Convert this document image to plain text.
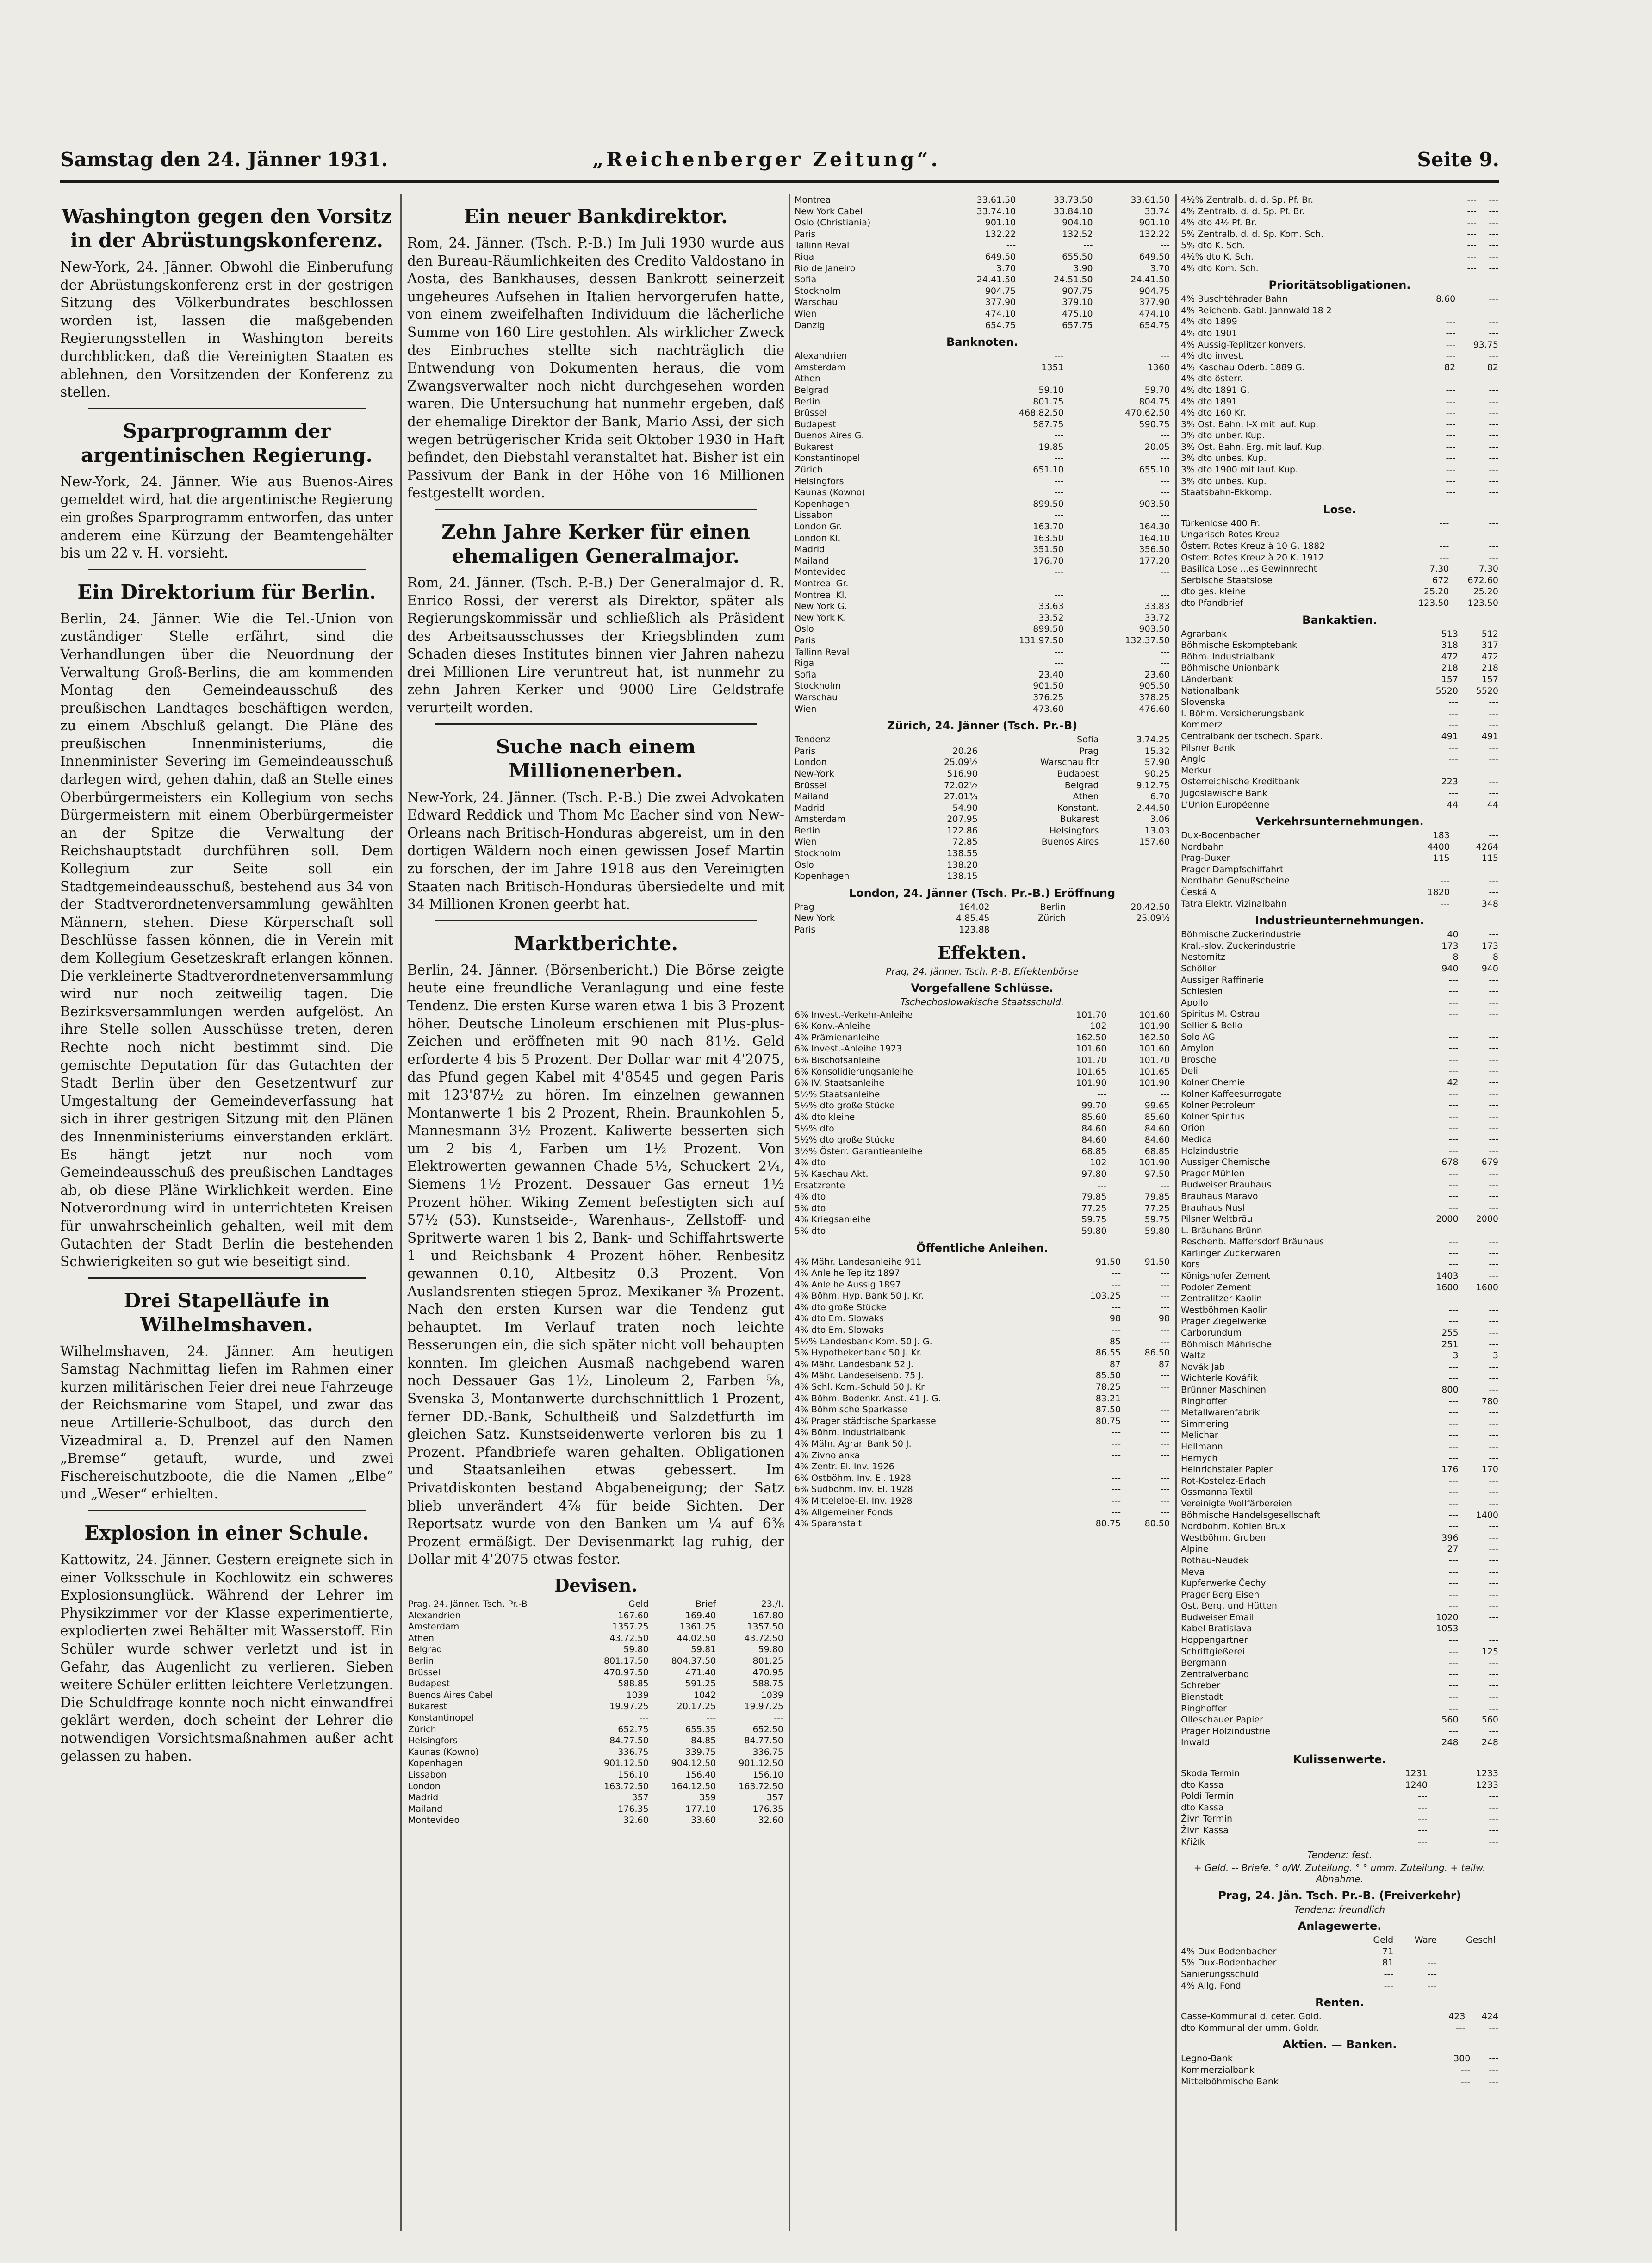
Samstag den 24. Jänner 1931.	„Reichenberger Zeitung“.	Seite 9.
Washington gegen den Vorsitz in der Abrüstungskonferenz.

New-York, 24. Jänner. Obwohl die Einberufung der Abrüstungskonferenz erst in der gestrigen Sitzung des Völkerbundrates beschlossen worden ist, lassen die maßgebenden Regierungsstellen in Washington bereits durchblicken, daß die Vereinigten Staaten es ablehnen, den Vorsitzenden der Konferenz zu stellen.

Sparprogramm der argentinischen Regierung.

New-York, 24. Jänner. Wie aus Buenos-Aires gemeldet wird, hat die argentinische Regierung ein großes Sparprogramm entworfen, das unter anderem eine Kürzung der Beamtengehälter bis um 22 v. H. vorsieht.

Ein Direktorium für Berlin.

Berlin, 24. Jänner. Wie die Tel.-Union von zuständiger Stelle erfährt, sind die Verhandlungen über die Neuordnung der Verwaltung Groß-Berlins, die am kommenden Montag den Gemeindeausschuß des preußischen Landtages beschäftigen werden, zu einem Abschluß gelangt. Die Pläne des preußischen Innenministeriums, die Innenminister Severing im Gemeindeausschuß darlegen wird, gehen dahin, daß an Stelle eines Oberbürgermeisters ein Kollegium von sechs Bürgermeistern mit einem Oberbürgermeister an der Spitze die Verwaltung der Reichshauptstadt durchführen soll. Dem Kollegium zur Seite soll ein Stadtgemeindeausschuß, bestehend aus 34 von der Stadtverordnetenversammlung gewählten Männern, stehen. Diese Körperschaft soll Beschlüsse fassen können, die in Verein mit dem Kollegium Gesetzeskraft erlangen können. Die verkleinerte Stadtverordnetenversammlung wird nur noch zeitweilig tagen. Die Bezirksversammlungen werden aufgelöst. An ihre Stelle sollen Ausschüsse treten, deren Rechte noch nicht bestimmt sind. Die gemischte Deputation für das Gutachten der Stadt Berlin über den Gesetzentwurf zur Umgestaltung der Gemeindeverfassung hat sich in ihrer gestrigen Sitzung mit den Plänen des Innenministeriums einverstanden erklärt. Es hängt jetzt nur noch vom Gemeindeausschuß des preußischen Landtages ab, ob diese Pläne Wirklichkeit werden. Eine Notverordnung wird in unterrichteten Kreisen für unwahrscheinlich gehalten, weil mit dem Gutachten der Stadt Berlin die bestehenden Schwierigkeiten so gut wie beseitigt sind.

Drei Stapelläufe in Wilhelmshaven.

Wilhelmshaven, 24. Jänner. Am heutigen Samstag Nachmittag liefen im Rahmen einer kurzen militärischen Feier drei neue Fahrzeuge der Reichsmarine vom Stapel, und zwar das neue Artillerie-Schulboot, das durch den Vizeadmiral a. D. Prenzel auf den Namen „Bremse“ getauft, wurde, und zwei Fischereischutzboote, die die Namen „Elbe“ und „Weser“ erhielten.

Explosion in einer Schule.

Kattowitz, 24. Jänner. Gestern ereignete sich in einer Volksschule in Kochlowitz ein schweres Explosionsunglück. Während der Lehrer im Physikzimmer vor der Klasse experimentierte, explodierten zwei Behälter mit Wasserstoff. Ein Schüler wurde schwer verletzt und ist in Gefahr, das Augenlicht zu verlieren. Sieben weitere Schüler erlitten leichtere Verletzungen. Die Schuldfrage konnte noch nicht einwandfrei geklärt werden, doch scheint der Lehrer die notwendigen Vorsichtsmaßnahmen außer acht gelassen zu haben.

Ein neuer Bankdirektor.

Rom, 24. Jänner. (Tsch. P.-B.) Im Juli 1930 wurde aus den Bureau-Räumlichkeiten des Credito Valdostano in Aosta, des Bankhauses, dessen Bankrott seinerzeit ungeheures Aufsehen in Italien hervorgerufen hatte, von einem zweifelhaften Individuum die lächerliche Summe von 160 Lire gestohlen. Als wirklicher Zweck des Einbruches stellte sich nachträglich die Entwendung von Dokumenten heraus, die vom Zwangsverwalter noch nicht durchgesehen worden waren. Die Untersuchung hat nunmehr ergeben, daß der ehemalige Direktor der Bank, Mario Assi, der sich wegen betrügerischer Krida seit Oktober 1930 in Haft befindet, den Diebstahl veranstaltet hat. Bisher ist ein Passivum der Bank in der Höhe von 16 Millionen festgestellt worden.

Zehn Jahre Kerker für einen ehemaligen Generalmajor.

Rom, 24. Jänner. (Tsch. P.-B.) Der Generalmajor d. R. Enrico Rossi, der vererst als Direktor, später als Regierungskommissär und schließlich als Präsident des Arbeitsausschusses der Kriegsblinden zum Schaden dieses Institutes binnen vier Jahren nahezu drei Millionen Lire veruntreut hat, ist nunmehr zu zehn Jahren Kerker und 9000 Lire Geldstrafe verurteilt worden.

Suche nach einem Millionenerben.

New-York, 24. Jänner. (Tsch. P.-B.) Die zwei Advokaten Edward Reddick und Thom Mc Eacher sind von New-Orleans nach Britisch-Honduras abgereist, um in den dortigen Wäldern noch einen gewissen Josef Martin zu forschen, der im Jahre 1918 aus den Vereinigten Staaten nach Britisch-Honduras übersiedelte und mit 34 Millionen Kronen geerbt hat.

Marktberichte.

Berlin, 24. Jänner. (Börsenbericht.) Die Börse zeigte heute eine freundliche Veranlagung und eine feste Tendenz. Die ersten Kurse waren etwa 1 bis 3 Prozent höher. Deutsche Linoleum erschienen mit Plus-plus-Zeichen und eröffneten mit 90 nach 81½. Geld erforderte 4 bis 5 Prozent. Der Dollar war mit 4'2075, das Pfund gegen Kabel mit 4'8545 und gegen Paris mit 123'87½ zu hören. Im einzelnen gewannen Montanwerte 1 bis 2 Prozent, Rhein. Braunkohlen 5, Mannesmann 3½ Prozent. Kaliwerte besserten sich um 2 bis 4, Farben um 1½ Prozent. Von Elektrowerten gewannen Chade 5½, Schuckert 2¼, Siemens 1½ Prozent. Dessauer Gas erneut 1½ Prozent höher. Wiking Zement befestigten sich auf 57½ (53). Kunstseide-, Warenhaus-, Zellstoff- und Spritwerte waren 1 bis 2, Bank- und Schiffahrtswerte 1 und Reichsbank 4 Prozent höher. Renbesitz gewannen 0.10, Altbesitz 0.3 Prozent. Von Auslandsrenten stiegen 5proz. Mexikaner ⅜ Prozent. Nach den ersten Kursen war die Tendenz gut behauptet. Im Verlauf traten noch leichte Besserungen ein, die sich später nicht voll behaupten konnten. Im gleichen Ausmaß nachgebend waren noch Dessauer Gas 1½, Linoleum 2, Farben ⅝, Svenska 3, Montanwerte durchschnittlich 1 Prozent, ferner DD.-Bank, Schultheiß und Salzdetfurth im gleichen Satz. Kunstseidenwerte verloren bis zu 1 Prozent. Pfandbriefe waren gehalten. Obligationen und Staatsanleihen etwas gebessert. Im Privatdiskonten bestand Abgabeneigung; der Satz blieb unverändert 4⅞ für beide Sichten. Der Reportsatz wurde von den Banken um ¼ auf 6⅜ Prozent ermäßigt. Der Devisenmarkt lag ruhig, der Dollar mit 4'2075 etwas fester.

Devisen.
Prag, 24. Jänner. Tsch. Pr.-B	Geld	Brief	23./I.
Alexandrien	167.60	169.40	167.80
Amsterdam	1357.25	1361.25	1357.50
Athen	43.72.50	44.02.50	43.72.50
Belgrad	59.80	59.81	59.80
Berlin	801.17.50	804.37.50	801.25
Brüssel	470.97.50	471.40	470.95
Budapest	588.85	591.25	588.75
Buenos Aires Cabel	1039	1042	1039
Bukarest	19.97.25	20.17.25	19.97.25
Konstantinopel	---	---	---
Zürich	652.75	655.35	652.50
Helsingfors	84.77.50	84.85	84.77.50
Kaunas (Kowno)	336.75	339.75	336.75
Kopenhagen	901.12.50	904.12.50	901.12.50
Lissabon	156.10	156.40	156.10
London	163.72.50	164.12.50	163.72.50
Madrid	357	359	357
Mailand	176.35	177.10	176.35
Montevideo	32.60	33.60	32.60
Montreal	33.61.50	33.73.50	33.61.50
New York Cabel	33.74.10	33.84.10	33.74
Oslo (Christiania)	901.10	904.10	901.10
Paris	132.22	132.52	132.22
Tallinn Reval	---	---	---
Riga	649.50	655.50	649.50
Rio de Janeiro	3.70	3.90	3.70
Sofia	24.41.50	24.51.50	24.41.50
Stockholm	904.75	907.75	904.75
Warschau	377.90	379.10	377.90
Wien	474.10	475.10	474.10
Danzig	654.75	657.75	654.75
Banknoten.
Alexandrien	---	---
Amsterdam	1351	1360
Athen	---	---
Belgrad	59.10	59.70
Berlin	801.75	804.75
Brüssel	468.82.50	470.62.50
Budapest	587.75	590.75
Buenos Aires G.	---	---
Bukarest	19.85	20.05
Konstantinopel	---	---
Zürich	651.10	655.10
Helsingfors	---	---
Kaunas (Kowno)	---	---
Kopenhagen	899.50	903.50
Lissabon	---	---
London Gr.	163.70	164.30
London Kl.	163.50	164.10
Madrid	351.50	356.50
Mailand	176.70	177.20
Montevideo	---	---
Montreal Gr.	---	---
Montreal Kl.	---	---
New York G.	33.63	33.83
New York K.	33.52	33.72
Oslo	899.50	903.50
Paris	131.97.50	132.37.50
Tallinn Reval	---	---
Riga	---	---
Sofia	23.40	23.60
Stockholm	901.50	905.50
Warschau	376.25	378.25
Wien	473.60	476.60
Zürich, 24. Jänner (Tsch. Pr.-B)
Tendenz	---	Sofia	3.74.25
Paris	20.26	Prag	15.32
London	25.09½	Warschau fltr	57.90
New-York	516.90	Budapest	90.25
Brüssel	72.02½	Belgrad	9.12.75
Mailand	27.01¾	Athen	6.70
Madrid	54.90	Konstant.	2.44.50
Amsterdam	207.95	Bukarest	3.06
Berlin	122.86	Helsingfors	13.03
Wien	72.85	Buenos Aires	157.60
Stockholm	138.55		
Oslo	138.20		
Kopenhagen	138.15		
London, 24. Jänner (Tsch. Pr.-B.) Eröffnung
Prag	164.02	Berlin	20.42.50
New York	4.85.45	Zürich	25.09½
Paris	123.88		
Effekten.
Prag, 24. Jänner. Tsch. P.-B. Effektenbörse
Vorgefallene Schlüsse.
Tschechoslowakische Staatsschuld.
6% Invest.-Verkehr-Anleihe	101.70	101.60
6% Konv.-Anleihe	102	101.90
4% Prämienanleihe	162.50	162.50
6% Invest.-Anleihe 1923	101.60	101.60
6% Bischofsanleihe	101.70	101.70
6% Konsolidierungsanleihe	101.65	101.65
6% IV. Staatsanleihe	101.90	101.90
5½% Staatsanleihe	---	---
5½% dto große Stücke	99.70	99.65
4% dto kleine	85.60	85.60
5½% dto	84.60	84.60
5½% dto große Stücke	84.60	84.60
3½% Österr. Garantieanleihe	68.85	68.85
4% dto	102	101.90
5% Kaschau Akt.	97.80	97.50
Ersatzrente	---	---
4% dto	79.85	79.85
5% dto	77.25	77.25
4% Kriegsanleihe	59.75	59.75
5% dto	59.80	59.80
Öffentliche Anleihen.
4% Mähr. Landesanleihe 911	91.50	91.50
4% Anleihe Teplitz 1897	---	---
4% Anleihe Aussig 1897	---	---
4% Böhm. Hyp. Bank 50 J. Kr.	103.25	---
4% dto große Stücke	---	---
4% dto Em. Slowaks	98	98
4% dto Em. Slowaks	---	---
5½% Landesbank Kom. 50 J. G.	85	---
5% Hypothekenbank 50 J. Kr.	86.55	86.50
4% Mähr. Landesbank 52 J.	87	87
4% Mähr. Landeseisenb. 75 J.	85.50	---
4% Schl. Kom.-Schuld 50 J. Kr.	78.25	---
4% Böhm. Bodenkr.-Anst. 41 J. G.	83.21	---
4% Böhmische Sparkasse	87.50	---
4% Prager städtische Sparkasse	80.75	---
4% Böhm. Industrialbank	---	---
4% Mähr. Agrar. Bank 50 J.	---	---
4% Zivno anka	---	---
4% Zentr. El. Inv. 1926	---	---
6% Ostböhm. Inv. El. 1928	---	---
6% Südböhm. Inv. El. 1928	---	---
4% Mittelelbe-El. Inv. 1928	---	---
4% Allgemeiner Fonds	---	---
4% Sparanstalt	80.75	80.50
4½% Zentralb. d. d. Sp. Pf. Br.	---	---
4% Zentralb. d. d. Sp. Pf. Br.	---	---
4% dto 4½ Pf. Br.	---	---
5% Zentralb. d. d. Sp. Kom. Sch.	---	---
5% dto K. Sch.	---	---
4½% dto K. Sch.	---	---
4% dto Kom. Sch.	---	---
Prioritätsobligationen.
4% Buschtěhrader Bahn	8.60	---
4% Reichenb. Gabl. Jannwald 18 2	---	---
4% dto 1899	---	---
4% dto 1901	---	---
4% Aussig-Teplitzer konvers.	---	93.75
4% dto invest.	---	---
4% Kaschau Oderb. 1889 G.	82	82
4% dto österr.	---	---
4% dto 1891 G.	---	---
4% dto 1891	---	---
4% dto 160 Kr.	---	---
3% Ost. Bahn. I-X mit lauf. Kup.	---	---
3% dto unber. Kup.	---	---
3% Ost. Bahn. Erg. mit lauf. Kup.	---	---
3% dto unbes. Kup.	---	---
3% dto 1900 mit lauf. Kup.	---	---
3% dto unbes. Kup.	---	---
Staatsbahn-Ekkomp.	---	---
Lose.
Türkenlose 400 Fr.	---	---
Ungarisch Rotes Kreuz	---	---
Österr. Rotes Kreuz à 10 G. 1882	---	---
Österr. Rotes Kreuz à 20 K. 1912	---	---
Basilica Lose ...es Gewinnrecht	7.30	7.30
Serbische Staatslose	672	672.60
dto ges. kleine	25.20	25.20
dto Pfandbrief	123.50	123.50
Bankaktien.
Agrarbank	513	512
Böhmische Eskomptebank	318	317
Böhm. Industrialbank	472	472
Böhmische Unionbank	218	218
Länderbank	157	157
Nationalbank	5520	5520
Slovenska	---	---
I. Böhm. Versicherungsbank	---	---
Kommerz	---	---
Centralbank der tschech. Spark.	491	491
Pilsner Bank	---	---
Anglo	---	---
Merkur	---	---
Österreichische Kreditbank	223	---
Jugoslawische Bank	---	---
L'Union Européenne	44	44
Verkehrsunternehmungen.
Dux-Bodenbacher	183	---
Nordbahn	4400	4264
Prag-Duxer	115	115
Prager Dampfschiffahrt	---	---
Nordbahn Genußscheine	---	---
Česká A	1820	---
Tatra Elektr. Vizinalbahn	---	348
Industrieunternehmungen.
Böhmische Zuckerindustrie	40	---
Kral.-slov. Zuckerindustrie	173	173
Nestomitz	8	8
Schöller	940	940
Aussiger Raffinerie	---	---
Schlesien	---	---
Apollo	---	---
Spiritus M. Ostrau	---	---
Sellier & Bello	---	---
Solo AG	---	---
Amylon	---	---
Brosche	---	---
Deli	---	---
Kolner Chemie	42	---
Kolner Kaffeesurrogate	---	---
Kolner Petroleum	---	---
Kolner Spiritus	---	---
Orion	---	---
Medica	---	---
Holzindustrie	---	---
Aussiger Chemische	678	679
Prager Mühlen	---	---
Budweiser Brauhaus	---	---
Brauhaus Maravo	---	---
Brauhaus Nusl	---	---
Pilsner Weltbräu	2000	2000
L. Bräuhans Brünn	---	---
Reschenb. Maffersdorf Bräuhaus	---	---
Kärlinger Zuckerwaren	---	---
Kors	---	---
Königshofer Zement	1403	---
Podoler Zement	1600	1600
Zentralitzer Kaolin	---	---
Westböhmen Kaolin	---	---
Prager Ziegelwerke	---	---
Carborundum	255	---
Böhmisch Mährische	251	---
Waltz	3	3
Novák Jab	---	---
Wichterle Kovářik	---	---
Brünner Maschinen	800	---
Ringhoffer	---	780
Metallwarenfabrik	---	---
Simmering	---	---
Melichar	---	---
Hellmann	---	---
Hernych	---	---
Heinrichstaler Papier	176	170
Rot-Kostelez-Erlach	---	---
Ossmanna Textil	---	---
Vereinigte Wollfärbereien	---	---
Böhmische Handelsgesellschaft	---	1400
Nordböhm. Kohlen Brüx	---	---
Westböhm. Gruben	396	---
Alpine	27	---
Rothau-Neudek	---	---
Meva	---	---
Kupferwerke Čechy	---	---
Prager Berg Eisen	---	---
Ost. Berg. und Hütten	---	---
Budweiser Email	1020	---
Kabel Bratislava	1053	---
Hoppengartner	---	---
Schriftgießerei	---	125
Bergmann	---	---
Zentralverband	---	---
Schreber	---	---
Bienstadt	---	---
Ringhoffer	---	---
Olleschauer Papier	560	560
Prager Holzindustrie	---	---
Inwald	248	248
Kulissenwerte.
Skoda Termin	1231	1233
dto Kassa	1240	1233
Poldi Termin	---	---
dto Kassa	---	---
Živn Termin	---	---
Živn Kassa	---	---
Křižík	---	---
Tendenz: fest.
+ Geld. -- Briefe. ° o/W. Zuteilung. ° ° umm. Zuteilung. + teilw. Abnahme.
Prag, 24. Jän. Tsch. Pr.-B. (Freiverkehr)
Tendenz: freundlich
Anlagewerte.
	Geld	Ware	Geschl.
4% Dux-Bodenbacher	71	---	
5% Dux-Bodenbacher	81	---	
Sanierungsschuld	---	---	
4% Allg. Fond	---	---	
Renten.
Casse-Kommunal d. ceter. Gold.	423	424
dto Kommunal der umm. Goldr.	---	---
Aktien. — Banken.
Legno-Bank	300	---
Kommerzialbank	---	---
Mittelböhmische Bank	---	---
